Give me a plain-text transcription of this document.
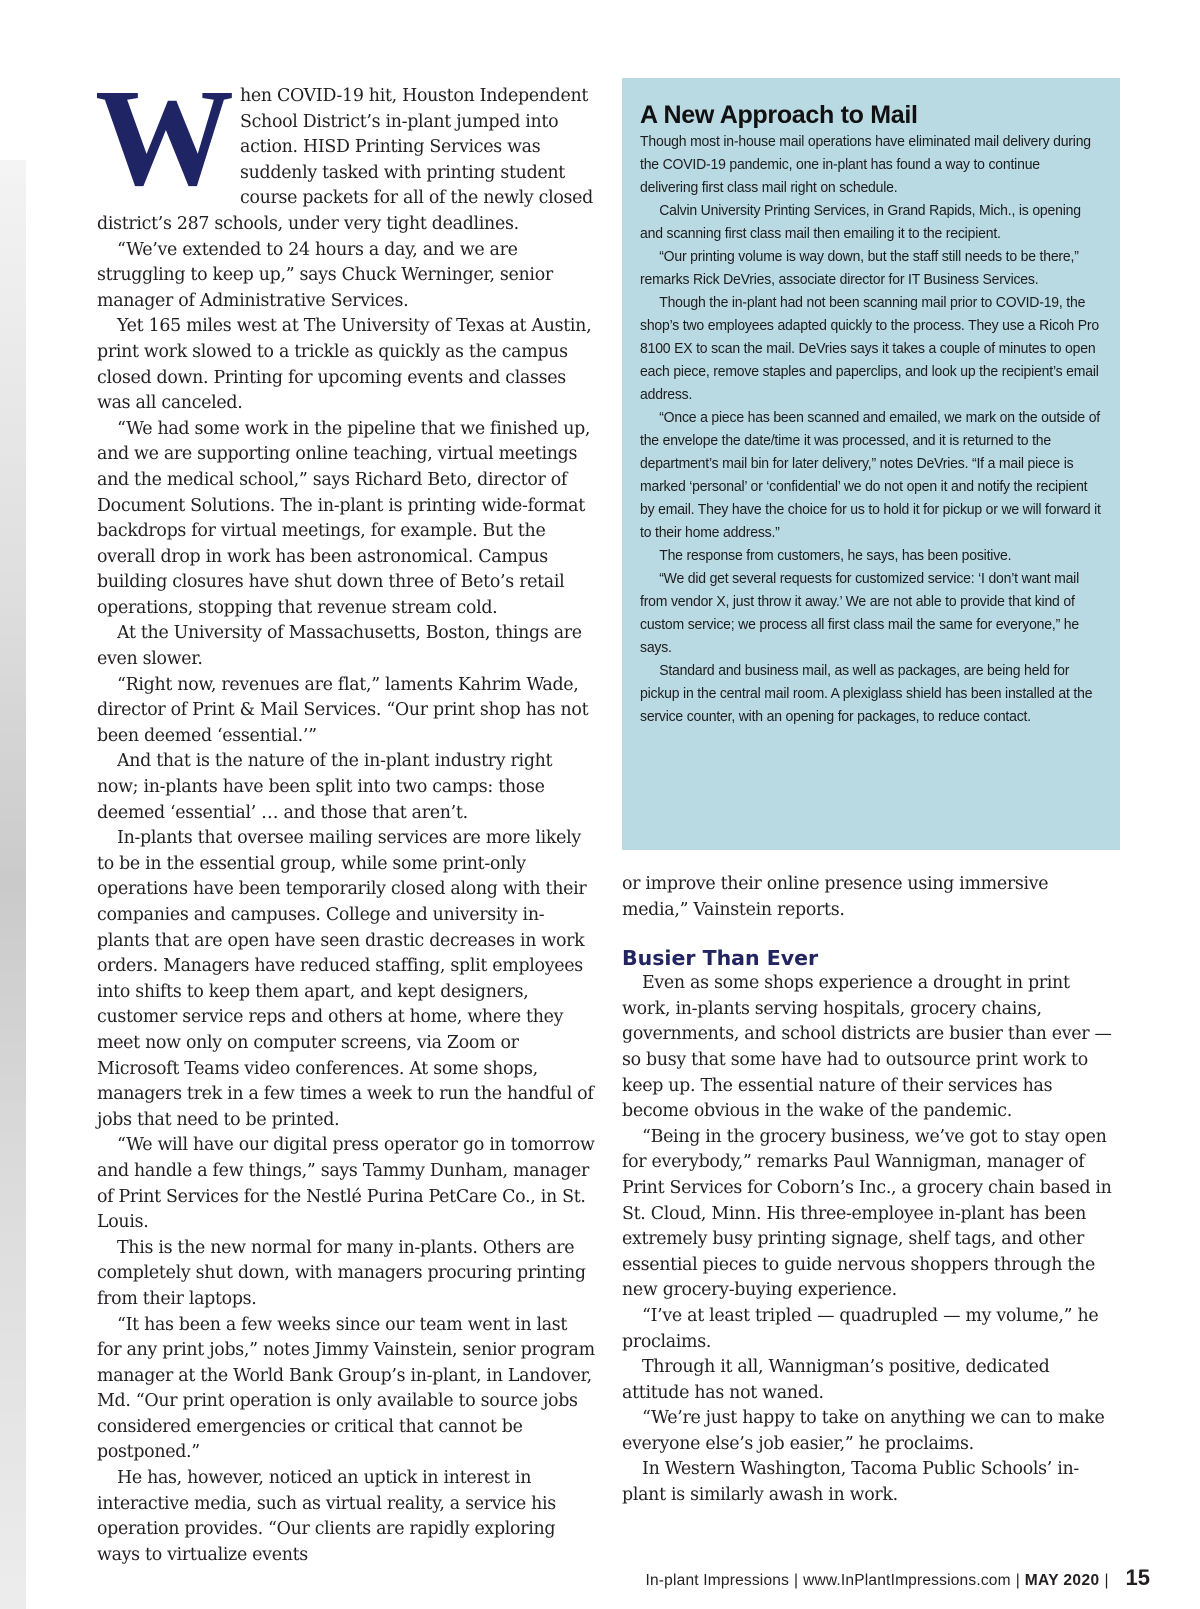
When COVID-19 hit, Houston Independent School District’s in-plant jumped into action. HISD Printing Services was suddenly tasked with printing student course packets for all of the newly closed district’s 287 schools, under very tight deadlines.

“We’ve extended to 24 hours a day, and we are struggling to keep up,” says Chuck Werninger, senior manager of Administrative Services.

Yet 165 miles west at The University of Texas at Austin, print work slowed to a trickle as quickly as the campus closed down. Printing for upcoming events and classes was all canceled.

“We had some work in the pipeline that we finished up, and we are supporting online teaching, virtual meetings and the medical school,” says Richard Beto, director of Document Solutions. The in-plant is printing wide-format backdrops for virtual meetings, for example. But the overall drop in work has been astronomical. Campus building closures have shut down three of Beto’s retail operations, stopping that revenue stream cold.

At the University of Massachusetts, Boston, things are even slower.

“Right now, revenues are flat,” laments Kahrim Wade, director of Print & Mail Services. “Our print shop has not been deemed ‘essential.’”

And that is the nature of the in-plant industry right now; in-plants have been split into two camps: those deemed ‘essential’ … and those that aren’t.

In-plants that oversee mailing services are more likely to be in the essential group, while some print-only operations have been temporarily closed along with their companies and campuses. College and university in-plants that are open have seen drastic decreases in work orders. Managers have reduced staffing, split employees into shifts to keep them apart, and kept designers, customer service reps and others at home, where they meet now only on computer screens, via Zoom or Microsoft Teams video conferences. At some shops, managers trek in a few times a week to run the handful of jobs that need to be printed.

“We will have our digital press operator go in tomorrow and handle a few things,” says Tammy Dunham, manager of Print Services for the Nestlé Purina PetCare Co., in St. Louis.

This is the new normal for many in-plants. Others are completely shut down, with managers procuring printing from their laptops.

“It has been a few weeks since our team went in last for any print jobs,” notes Jimmy Vainstein, senior program manager at the World Bank Group’s in-plant, in Landover, Md. “Our print operation is only available to source jobs considered emergencies or critical that cannot be postponed.”

He has, however, noticed an uptick in interest in interactive media, such as virtual reality, a service his operation provides. “Our clients are rapidly exploring ways to virtualize events

A New Approach to Mail

Though most in-house mail operations have eliminated mail delivery during the COVID-19 pandemic, one in-plant has found a way to continue delivering first class mail right on schedule.

Calvin University Printing Services, in Grand Rapids, Mich., is opening and scanning first class mail then emailing it to the recipient.

“Our printing volume is way down, but the staff still needs to be there,” remarks Rick DeVries, associate director for IT Business Services.

Though the in-plant had not been scanning mail prior to COVID-19, the shop’s two employees adapted quickly to the process. They use a Ricoh Pro 8100 EX to scan the mail. DeVries says it takes a couple of minutes to open each piece, remove staples and paperclips, and look up the recipient’s email address.

“Once a piece has been scanned and emailed, we mark on the outside of the envelope the date/time it was processed, and it is returned to the department’s mail bin for later delivery,” notes DeVries. “If a mail piece is marked ‘personal’ or ‘confidential’ we do not open it and notify the recipient by email. They have the choice for us to hold it for pickup or we will forward it to their home address.”

The response from customers, he says, has been positive.

“We did get several requests for customized service: ‘I don’t want mail from vendor X, just throw it away.’ We are not able to provide that kind of custom service; we process all first class mail the same for everyone,” he says.

Standard and business mail, as well as packages, are being held for pickup in the central mail room. A plexiglass shield has been installed at the service counter, with an opening for packages, to reduce contact.

or improve their online presence using immersive media,” Vainstein reports.

Busier Than Ever

Even as some shops experience a drought in print work, in-plants serving hospitals, grocery chains, governments, and school districts are busier than ever — so busy that some have had to outsource print work to keep up. The essential nature of their services has become obvious in the wake of the pandemic.

“Being in the grocery business, we’ve got to stay open for everybody,” remarks Paul Wannigman, manager of Print Services for Coborn’s Inc., a grocery chain based in St. Cloud, Minn. His three-employee in-plant has been extremely busy printing signage, shelf tags, and other essential pieces to guide nervous shoppers through the new grocery-buying experience.

“I’ve at least tripled — quadrupled — my volume,” he proclaims.

Through it all, Wannigman’s positive, dedicated attitude has not waned.

“We’re just happy to take on anything we can to make everyone else’s job easier,” he proclaims.

In Western Washington, Tacoma Public Schools’ in-plant is similarly awash in work.

In-plant Impressions | www.InPlantImpressions.com | MAY 2020 | 15
